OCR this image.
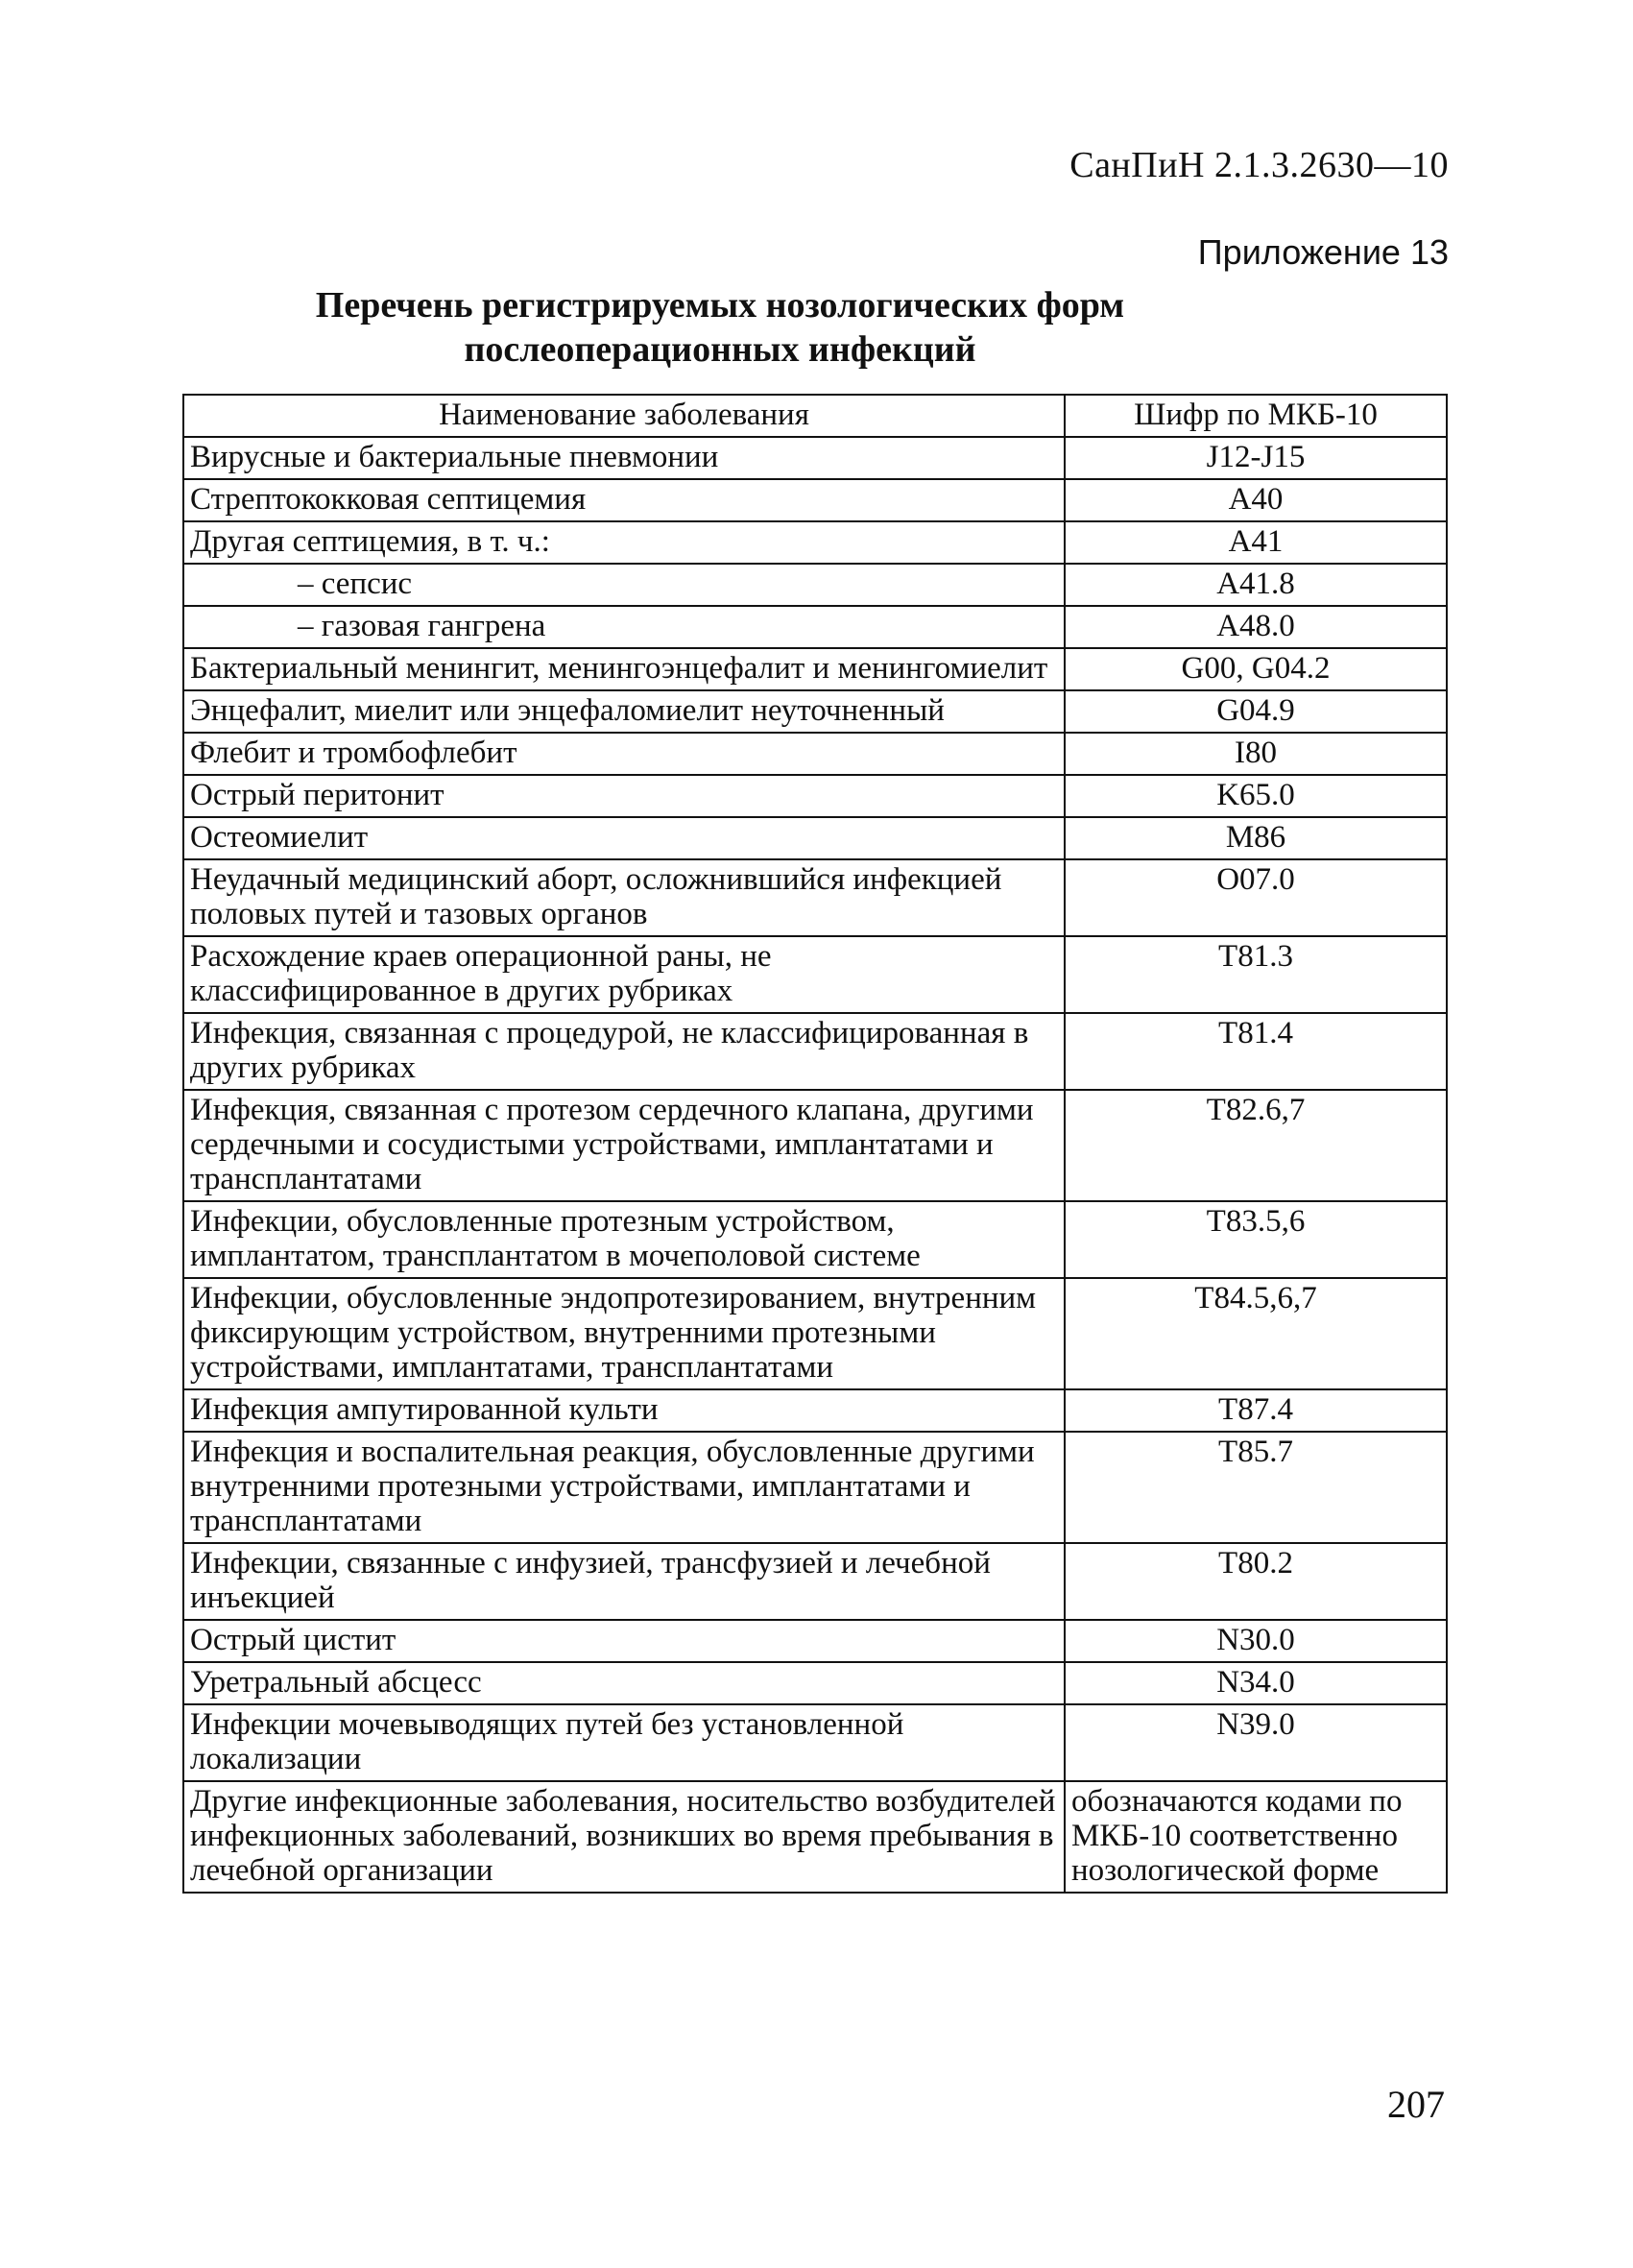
СанПиН 2.1.3.2630—10
Приложение 13
Перечень регистрируемых нозологических форм
послеоперационных инфекций
Наименование заболевания	Шифр по МКБ-10
Вирусные и бактериальные пневмонии	J12-J15
Стрептококковая септицемия	А40
Другая септицемия, в т. ч.:	А41
– сепсис	А41.8
– газовая гангрена	А48.0
Бактериальный менингит, менингоэнцефалит и менингомиелит	G00, G04.2
Энцефалит, миелит или энцефаломиелит неуточненный	G04.9
Флебит и тромбофлебит	I80
Острый перитонит	K65.0
Остеомиелит	M86
Неудачный медицинский аборт, осложнившийся инфекцией половых путей и тазовых органов	O07.0
Расхождение краев операционной раны, не классифицированное в других рубриках	T81.3
Инфекция, связанная с процедурой, не классифицированная в других рубриках	T81.4
Инфекция, связанная с протезом сердечного клапана, другими сердечными и сосудистыми устройствами, имплантатами и трансплантатами	T82.6,7
Инфекции, обусловленные протезным устройством, имплантатом, трансплантатом в мочеполовой системе	T83.5,6
Инфекции, обусловленные эндопротезированием, внутренним фиксирующим устройством, внутренними протезными устройствами, имплантатами, трансплантатами	T84.5,6,7
Инфекция ампутированной культи	T87.4
Инфекция и воспалительная реакция, обусловленные другими внутренними протезными устройствами, имплантатами и трансплантатами	T85.7
Инфекции, связанные с инфузией, трансфузией и лечебной инъекцией	T80.2
Острый цистит	N30.0
Уретральный абсцесс	N34.0
Инфекции мочевыводящих путей без установленной локализации	N39.0
Другие инфекционные заболевания, носительство возбудителей инфекционных заболеваний, возникших во время пребывания в лечебной организации	обозначаются кодами по МКБ-10 соответственно нозологической форме
207
